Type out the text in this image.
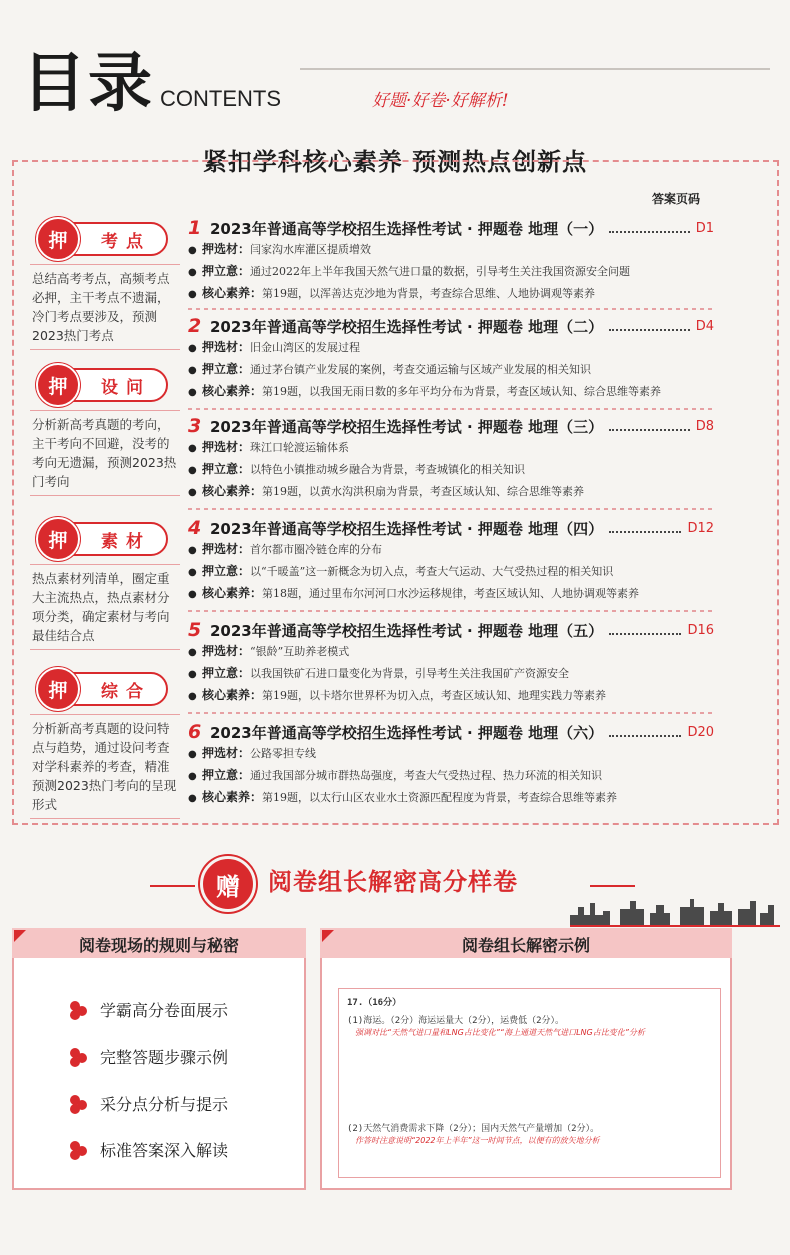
目录 CONTENTS	好题·好卷·好解析!
紧扣学科核心素养 预测热点创新点
答案页码
押	考点
总结高考考点，高频考点必押，主干考点不遗漏，冷门考点要涉及，预测2023热门考点
押	设问
分析新高考真题的考向，主干考向不回避，没考的考向无遗漏，预测2023热门考向
押	素材
热点素材列清单，圈定重大主流热点，热点素材分项分类，确定素材与考向最佳结合点
押	综合
分析新高考真题的设问特点与趋势，通过设问考查对学科素养的考查，精准预测2023热门考向的呈现形式
1 2023年普通高等学校招生选择性考试 · 押题卷 地理（一）	D1
● 押选材： 闫家沟水库灌区提质增效
● 押立意： 通过2022年上半年我国天然气进口量的数据，引导考生关注我国资源安全问题
● 核心素养： 第19题，以浑善达克沙地为背景，考查综合思维、人地协调观等素养
2 2023年普通高等学校招生选择性考试 · 押题卷 地理（二）	D4
● 押选材： 旧金山湾区的发展过程
● 押立意： 通过茅台镇产业发展的案例，考查交通运输与区域产业发展的相关知识
● 核心素养： 第19题，以我国无雨日数的多年平均分布为背景，考查区域认知、综合思维等素养
3 2023年普通高等学校招生选择性考试 · 押题卷 地理（三）	D8
● 押选材： 珠江口轮渡运输体系
● 押立意： 以特色小镇推动城乡融合为背景，考查城镇化的相关知识
● 核心素养： 第19题，以黄水沟洪积扇为背景，考查区域认知、综合思维等素养
4 2023年普通高等学校招生选择性考试 · 押题卷 地理（四）	D12
● 押选材： 首尔都市圈冷链仓库的分布
● 押立意： 以“千暖盖”这一新概念为切入点，考查大气运动、大气受热过程的相关知识
● 核心素养： 第18题，通过里布尔河河口水沙运移规律，考查区域认知、人地协调观等素养
5 2023年普通高等学校招生选择性考试 · 押题卷 地理（五）	D16
● 押选材： “银龄”互助养老模式
● 押立意： 以我国铁矿石进口量变化为背景，引导考生关注我国矿产资源安全
● 核心素养： 第19题，以卡塔尔世界杯为切入点，考查区域认知、地理实践力等素养
6 2023年普通高等学校招生选择性考试 · 押题卷 地理（六）	D20
● 押选材： 公路零担专线
● 押立意： 通过我国部分城市群热岛强度，考查大气受热过程、热力环流的相关知识
● 核心素养： 第19题，以太行山区农业水土资源匹配程度为背景，考查综合思维等素养
赠	阅卷组长解密高分样卷
阅卷现场的规则与秘密
学霸高分卷面展示
完整答题步骤示例
采分点分析与提示
标准答案深入解读
阅卷组长解密示例
17.（16分）
(1)海运。（2分）海运运量大（2分），运费低（2分）。
强调对比“天然气进口量和LNG占比变化”“海上通道天然气进口LNG占比变化”分析
(2)天然气消费需求下降（2分）；国内天然气产量增加（2分）。
作答时注意说明“2022年上半年”这一时间节点，以便有的放矢地分析
